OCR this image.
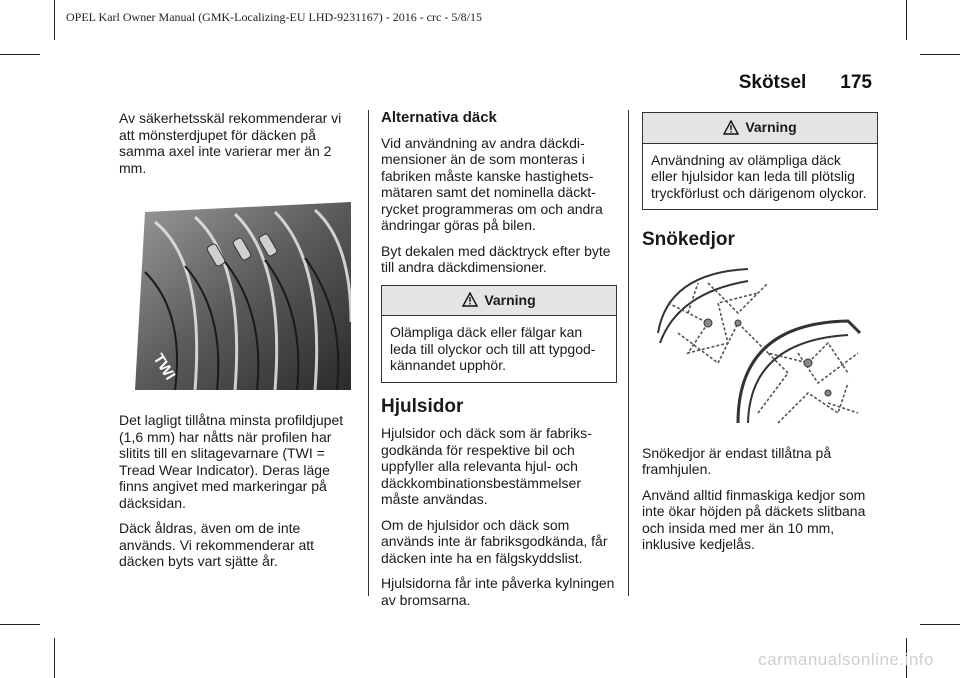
OPEL Karl Owner Manual (GMK-Localizing-EU LHD-9231167) - 2016 - crc - 5/8/15
Skötsel 175

Av säkerhetsskäl rekommenderar vi att mönsterdjupet för däcken på samma axel inte varierar mer än 2 mm.

TWI

Det lagligt tillåtna minsta profildjupet (1,6 mm) har nåtts när profilen har slitits till en slitagevarnare (TWI = Tread Wear Indicator). Deras läge finns angivet med markeringar på däcksidan.

Däck åldras, även om de inte används. Vi rekommenderar att däcken byts vart sjätte år.

Alternativa däck

Vid användning av andra däckdimensioner än de som monteras i fabriken måste kanske hastighetsmätaren samt det nominella däcktrycket programmeras om och andra ändringar göras på bilen.

Byt dekalen med däcktryck efter byte till andra däckdimensioner.

Varning
Olämpliga däck eller fälgar kan leda till olyckor och till att typgodkännandet upphör.
Hjulsidor

Hjulsidor och däck som är fabriksgodkända för respektive bil och uppfyller alla relevanta hjul- och däckkombinationsbestämmelser måste användas.

Om de hjulsidor och däck som används inte är fabriksgodkända, får däcken inte ha en fälgskyddslist.

Hjulsidorna får inte påverka kylningen av bromsarna.

Varning
Användning av olämpliga däck eller hjulsidor kan leda till plötslig tryckförlust och därigenom olyckor.
Snökedjor

Snökedjor är endast tillåtna på framhjulen.

Använd alltid finmaskiga kedjor som inte ökar höjden på däckets slitbana och insida med mer än 10 mm, inklusive kedjelås.

carmanualsonline.info
